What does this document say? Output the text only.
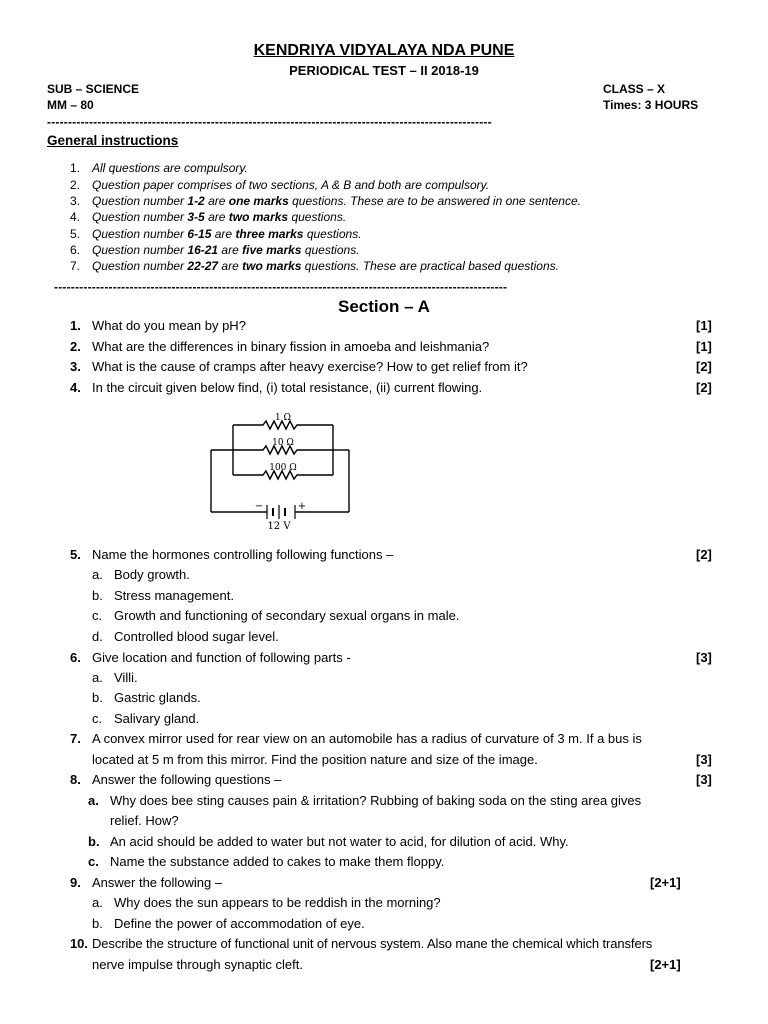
KENDRIYA VIDYALAYA NDA PUNE
PERIODICAL TEST – II 2018-19
SUB – SCIENCE	CLASS – X
MM – 80	Times: 3 HOURS
----------------------------------------------------------------------------------------------------------
General instructions
1. All questions are compulsory.
2. Question paper comprises of two sections, A & B and both are compulsory.
3. Question number 1-2 are one marks questions. These are to be answered in one sentence.
4. Question number 3-5 are two marks questions.
5. Question number 6-15 are three marks questions.
6. Question number 16-21 are five marks questions.
7. Question number 22-27 are two marks questions. These are practical based questions.
------------------------------------------------------------------------------------------------------------
Section – A
1. What do you mean by pH?	[1]
2. What are the differences in binary fission in amoeba and leishmania?	[1]
3. What is the cause of cramps after heavy exercise? How to get relief from it?	[2]
4. In the circuit given below find, (i) total resistance, (ii) current flowing.	[2]
1 Ω
10 Ω
100 Ω
−	+
12 V
5. Name the hormones controlling following functions –	[2]
a. Body growth.
b. Stress management.
c. Growth and functioning of secondary sexual organs in male.
d. Controlled blood sugar level.
6. Give location and function of following parts -	[3]
a. Villi.
b. Gastric glands.
c. Salivary gland.
7. A convex mirror used for rear view on an automobile has a radius of curvature of 3 m. If a bus is
located at 5 m from this mirror. Find the position nature and size of the image.	[3]
8. Answer the following questions –	[3]
a. Why does bee sting causes pain & irritation? Rubbing of baking soda on the sting area gives
relief. How?
b. An acid should be added to water but not water to acid, for dilution of acid. Why.
c. Name the substance added to cakes to make them floppy.
9. Answer the following –	[2+1]
a. Why does the sun appears to be reddish in the morning?
b. Define the power of accommodation of eye.
10. Describe the structure of functional unit of nervous system. Also mane the chemical which transfers
nerve impulse through synaptic cleft.	[2+1]
